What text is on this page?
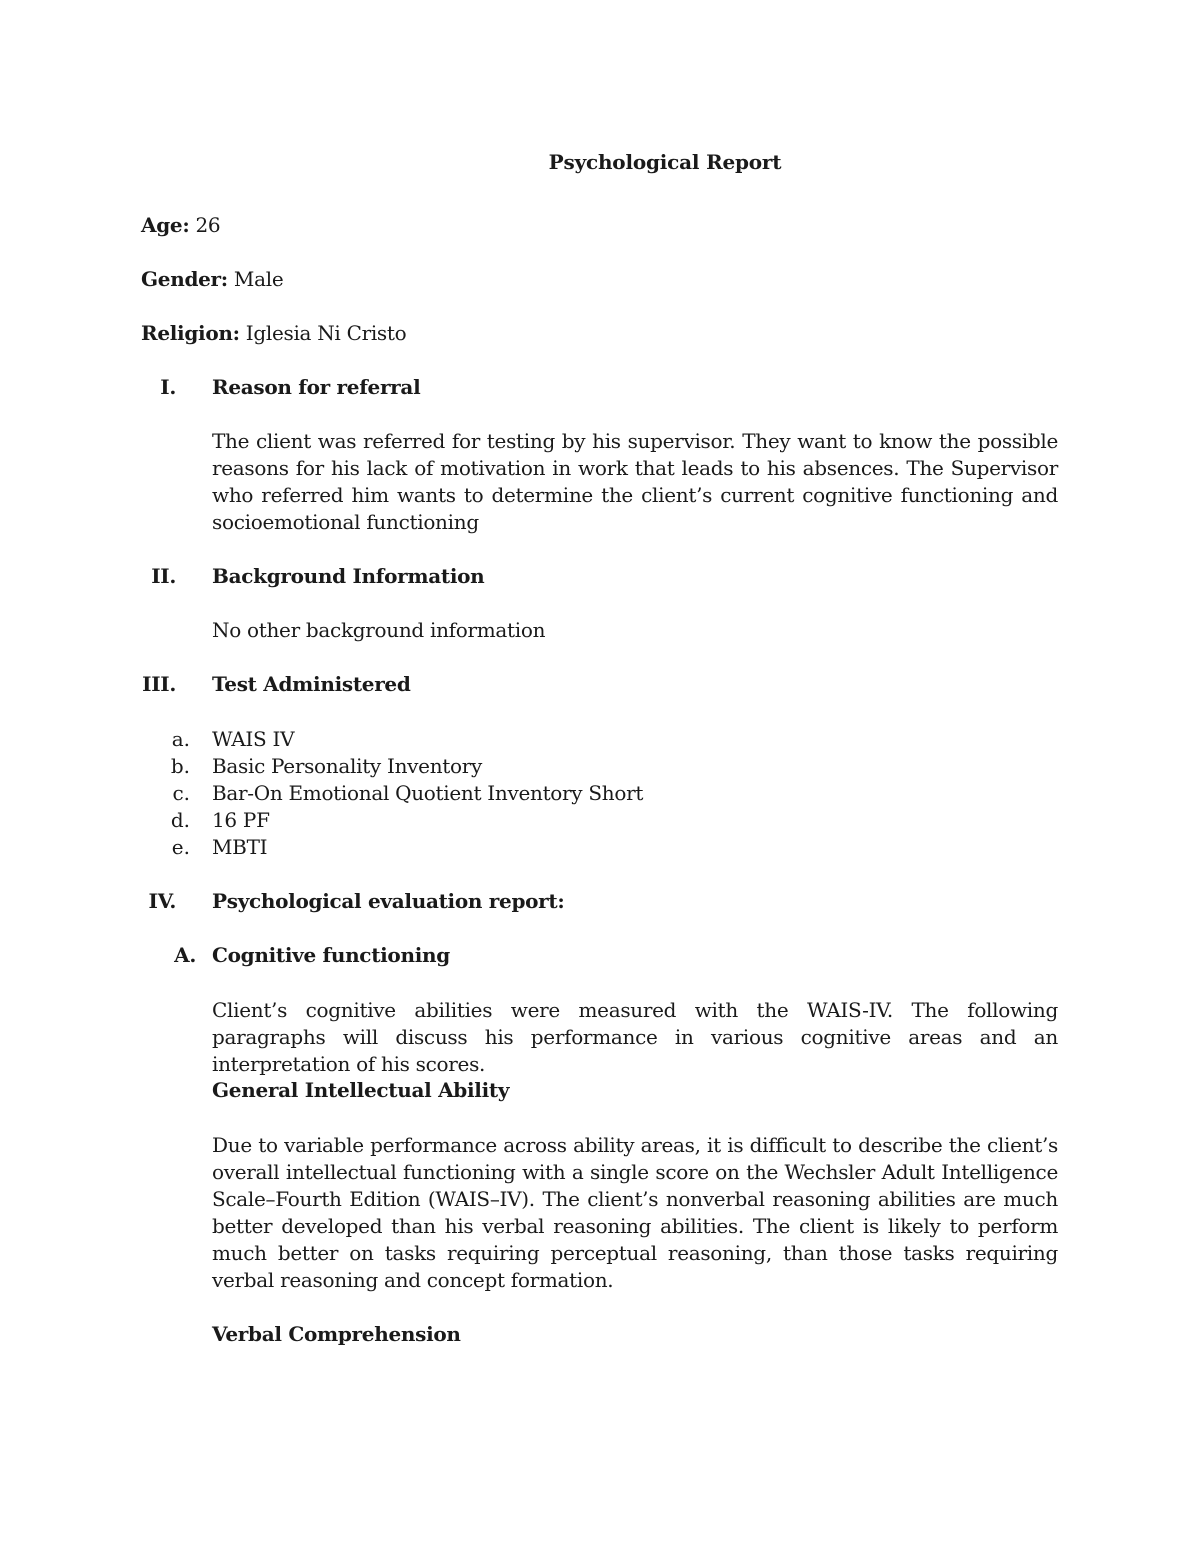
Psychological Report
Age: 26
Gender: Male
Religion: Iglesia Ni Cristo
I. Reason for referral
The client was referred for testing by his supervisor. They want to know the possible reasons for his lack of motivation in work that leads to his absences. The Supervisor who referred him wants to determine the client’s current cognitive functioning and socioemotional functioning
II. Background Information
No other background information
III. Test Administered
a. WAIS IV
b. Basic Personality Inventory
c. Bar-On Emotional Quotient Inventory Short
d. 16 PF
e. MBTI
IV. Psychological evaluation report:
A. Cognitive functioning
Client’s cognitive abilities were measured with the WAIS-IV. The following paragraphs will discuss his performance in various cognitive areas and an interpretation of his scores.
General Intellectual Ability
Due to variable performance across ability areas, it is difficult to describe the client’s overall intellectual functioning with a single score on the Wechsler Adult Intelligence Scale–Fourth Edition (WAIS–IV). The client’s nonverbal reasoning abilities are much better developed than his verbal reasoning abilities. The client is likely to perform much better on tasks requiring perceptual reasoning, than those tasks requiring verbal reasoning and concept formation.
Verbal Comprehension
